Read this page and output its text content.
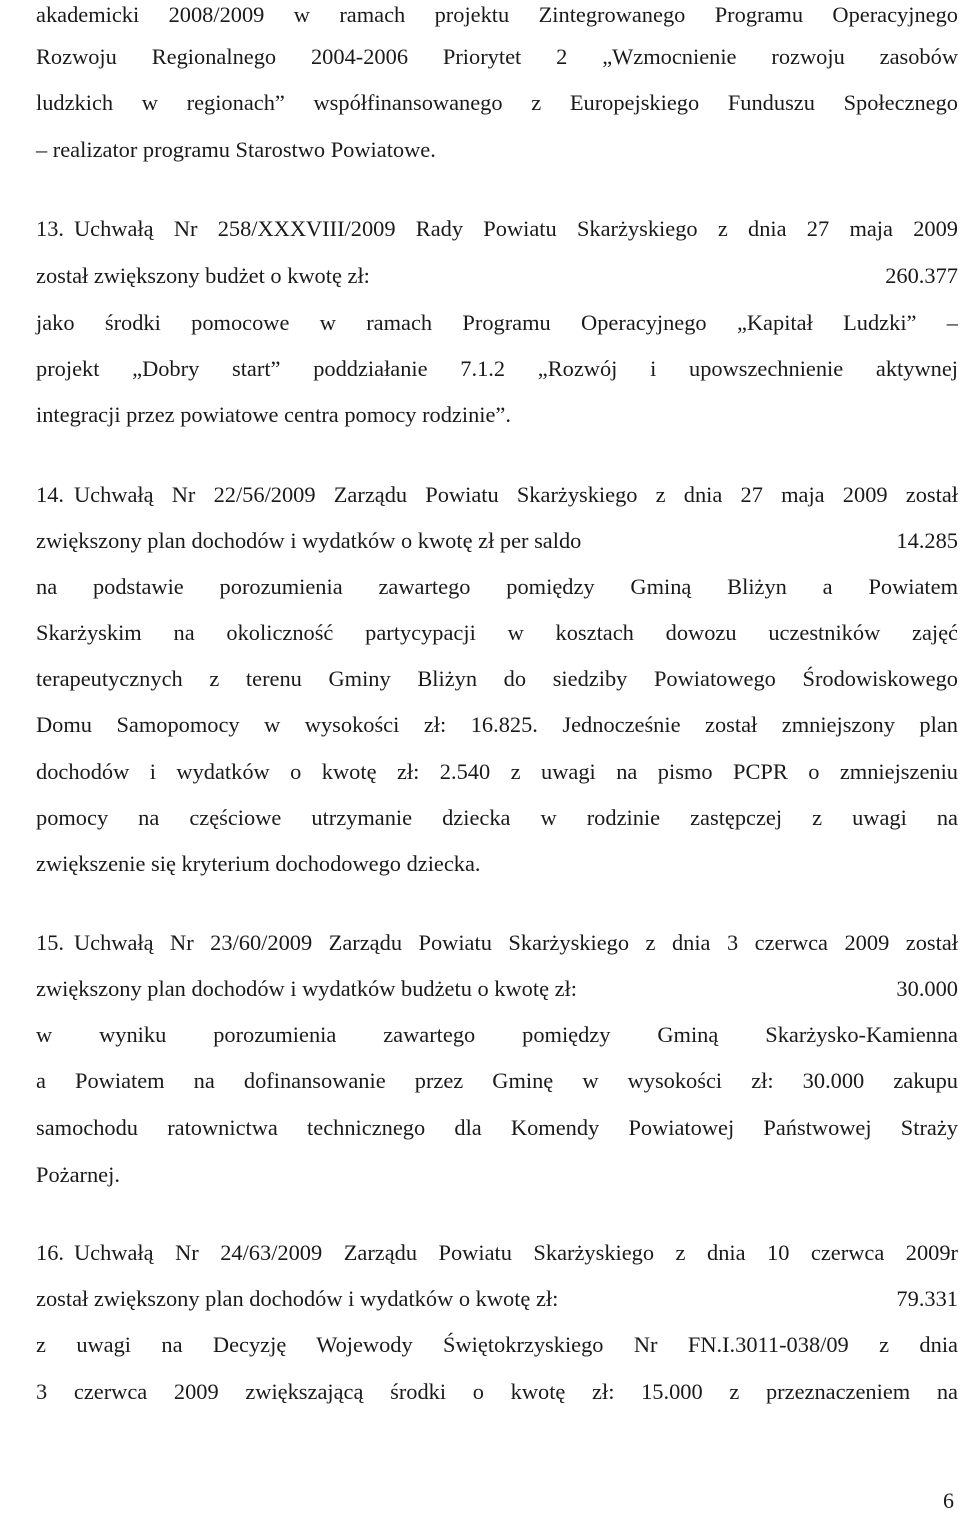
akademicki 2008/2009 w ramach projektu Zintegrowanego Programu Operacyjnego
Rozwoju Regionalnego 2004-2006 Priorytet 2 „Wzmocnienie rozwoju zasobów
ludzkich w regionach” współfinansowanego z Europejskiego Funduszu Społecznego
– realizator programu Starostwo Powiatowe.
13. Uchwałą Nr 258/XXXVIII/2009 Rady Powiatu Skarżyskiego z dnia 27 maja 2009
został zwiększony budżet o kwotę zł:	260.377
jako środki pomocowe w ramach Programu Operacyjnego „Kapitał Ludzki” –
projekt „Dobry start” poddziałanie 7.1.2 „Rozwój i upowszechnienie aktywnej
integracji przez powiatowe centra pomocy rodzinie”.
14. Uchwałą Nr 22/56/2009 Zarządu Powiatu Skarżyskiego z dnia 27 maja 2009 został
zwiększony plan dochodów i wydatków o kwotę zł per saldo	14.285
na podstawie porozumienia zawartego pomiędzy Gminą Bliżyn a Powiatem
Skarżyskim na okoliczność partycypacji w kosztach dowozu uczestników zajęć
terapeutycznych z terenu Gminy Bliżyn do siedziby Powiatowego Środowiskowego
Domu Samopomocy w wysokości zł: 16.825. Jednocześnie został zmniejszony plan
dochodów i wydatków o kwotę zł: 2.540 z uwagi na pismo PCPR o zmniejszeniu
pomocy na częściowe utrzymanie dziecka w rodzinie zastępczej z uwagi na
zwiększenie się kryterium dochodowego dziecka.
15. Uchwałą Nr 23/60/2009 Zarządu Powiatu Skarżyskiego z dnia 3 czerwca 2009 został
zwiększony plan dochodów i wydatków budżetu o kwotę zł:	30.000
w wyniku porozumienia zawartego pomiędzy Gminą Skarżysko-Kamienna
a Powiatem na dofinansowanie przez Gminę w wysokości zł: 30.000 zakupu
samochodu ratownictwa technicznego dla Komendy Powiatowej Państwowej Straży
Pożarnej.
16. Uchwałą Nr 24/63/2009 Zarządu Powiatu Skarżyskiego z dnia 10 czerwca 2009r
został zwiększony plan dochodów i wydatków o kwotę zł:	79.331
z uwagi na Decyzję Wojewody Świętokrzyskiego Nr FN.I.3011-038/09 z dnia
3 czerwca 2009 zwiększającą środki o kwotę zł: 15.000 z przeznaczeniem na
6
